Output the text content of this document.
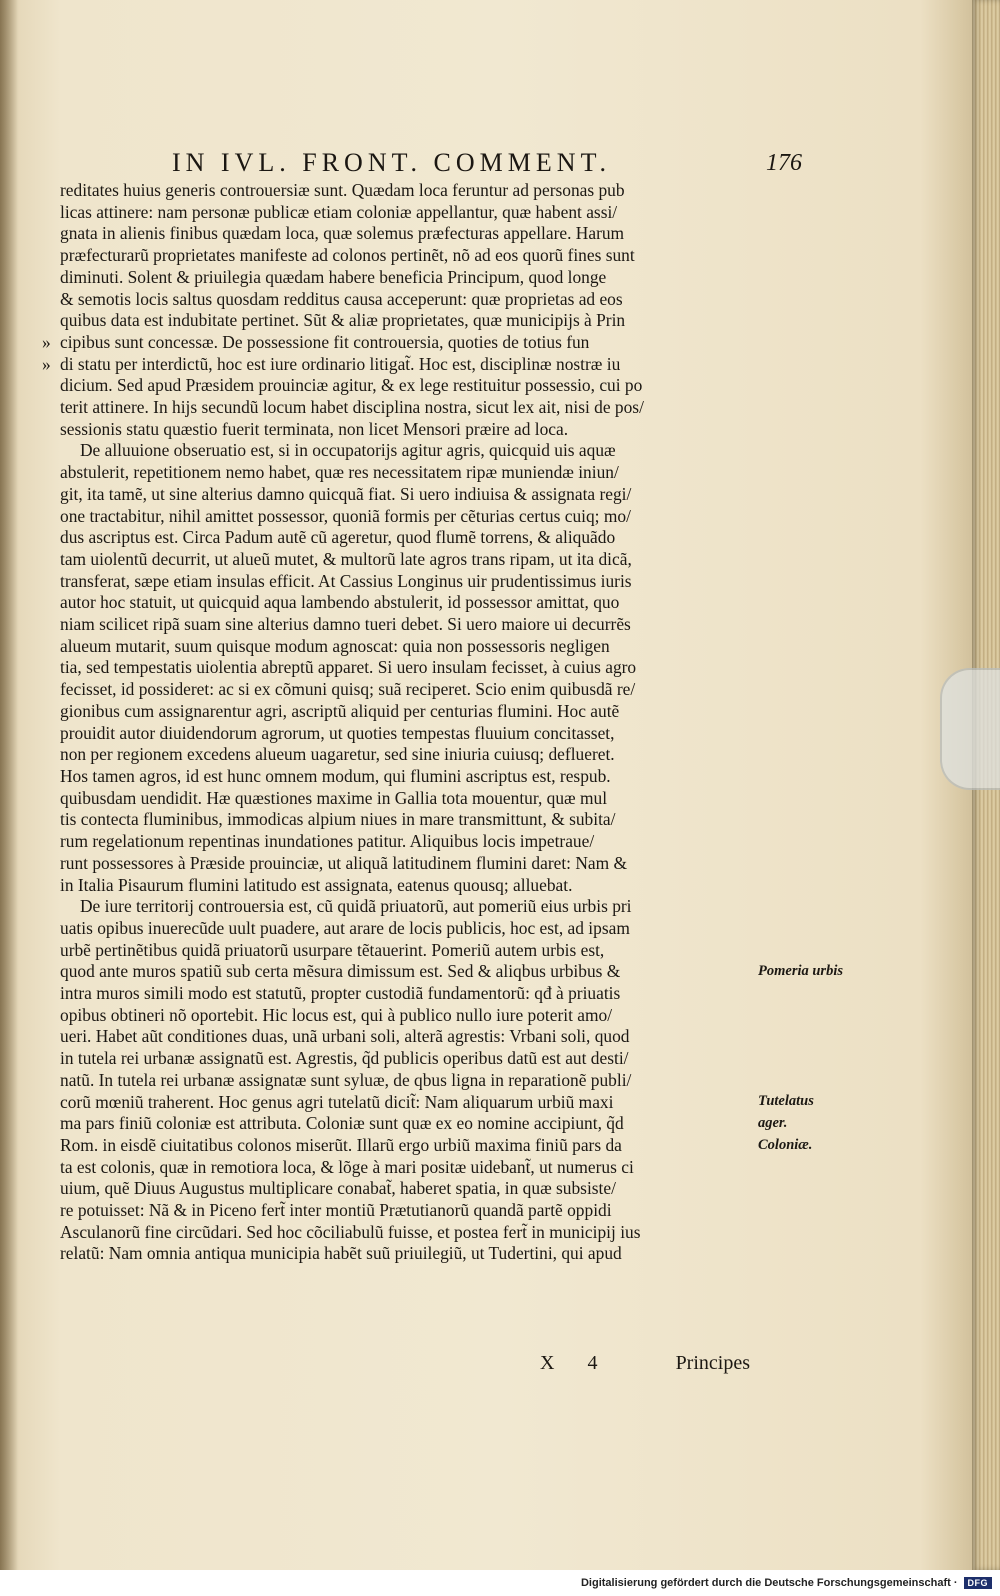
IN IVL. FRONT. COMMENT.	176
reditates huius generis controuersiæ sunt. Quædam loca feruntur ad personas pub
licas attinere: nam personæ publicæ etiam coloniæ appellantur, quæ habent assi/
gnata in alienis finibus quædam loca, quæ solemus præfecturas appellare. Harum
præfecturarũ proprietates manifeste ad colonos pertinẽt, nõ ad eos quorũ fines sunt
diminuti. Solent & priuilegia quædam habere beneficia Principum, quod longe
& semotis locis saltus quosdam redditus causa acceperunt: quæ proprietas ad eos
quibus data est indubitate pertinet. Sũt & aliæ proprietates, quæ municipijs à Prin
» cipibus sunt concessæ. De possessione fit controuersia, quoties de totius fun
» di statu per interdictũ, hoc est iure ordinario litigat̃. Hoc est, disciplinæ nostræ iu
dicium. Sed apud Præsidem prouinciæ agitur, & ex lege restituitur possessio, cui po
terit attinere. In hijs secundũ locum habet disciplina nostra, sicut lex ait, nisi de pos/
sessionis statu quæstio fuerit terminata, non licet Mensori præire ad loca.
De alluuione obseruatio est, si in occupatorijs agitur agris, quicquid uis aquæ
abstulerit, repetitionem nemo habet, quæ res necessitatem ripæ muniendæ iniun/
git, ita tamẽ, ut sine alterius damno quicquã fiat. Si uero indiuisa & assignata regi/
one tractabitur, nihil amittet possessor, quoniã formis per cẽturias certus cuiq; mo/
dus ascriptus est. Circa Padum autẽ cũ ageretur, quod flumẽ torrens, & aliquãdo
tam uiolentũ decurrit, ut alueũ mutet, & multorũ late agros trans ripam, ut ita dicã,
transferat, sæpe etiam insulas efficit. At Cassius Longinus uir prudentissimus iuris
autor hoc statuit, ut quicquid aqua lambendo abstulerit, id possessor amittat, quo
niam scilicet ripã suam sine alterius damno tueri debet. Si uero maiore ui decurrẽs
alueum mutarit, suum quisque modum agnoscat: quia non possessoris negligen
tia, sed tempestatis uiolentia abreptũ apparet. Si uero insulam fecisset, à cuius agro
fecisset, id possideret: ac si ex cõmuni quisq; suã reciperet. Scio enim quibusdã re/
gionibus cum assignarentur agri, ascriptũ aliquid per centurias flumini. Hoc autẽ
prouidit autor diuidendorum agrorum, ut quoties tempestas fluuium concitasset,
non per regionem excedens alueum uagaretur, sed sine iniuria cuiusq; deflueret.
Hos tamen agros, id est hunc omnem modum, qui flumini ascriptus est, respub.
quibusdam uendidit. Hæ quæstiones maxime in Gallia tota mouentur, quæ mul
tis contecta fluminibus, immodicas alpium niues in mare transmittunt, & subita/
rum regelationum repentinas inundationes patitur. Aliquibus locis impetraue/
runt possessores à Præside prouinciæ, ut aliquã latitudinem flumini daret: Nam &
in Italia Pisaurum flumini latitudo est assignata, eatenus quousq; alluebat.
De iure territorij controuersia est, cũ quidã priuatorũ, aut pomeriũ eius urbis pri
uatis opibus inuerecũde uult puadere, aut arare de locis publicis, hoc est, ad ipsam
urbẽ pertinẽtibus quidã priuatorũ usurpare tẽtauerint. Pomeriũ autem urbis est,
quod ante muros spatiũ sub certa mẽsura dimissum est. Sed & aliqbus urbibus &
intra muros simili modo est statutũ, propter custodiã fundamentorũ: qđ à priuatis
opibus obtineri nõ oportebit. Hic locus est, qui à publico nullo iure poterit amo/
ueri. Habet aũt conditiones duas, unã urbani soli, alterã agrestis: Vrbani soli, quod
in tutela rei urbanæ assignatũ est. Agrestis, q̃d publicis operibus datũ est aut desti/
natũ. In tutela rei urbanæ assignatæ sunt syluæ, de qbus ligna in reparationẽ publi/
corũ mœniũ traherent. Hoc genus agri tutelatũ dicit̃: Nam aliquarum urbiũ maxi
ma pars finiũ coloniæ est attributa. Coloniæ sunt quæ ex eo nomine accipiunt, q̃d
Rom. in eisdẽ ciuitatibus colonos miserũt. Illarũ ergo urbiũ maxima finiũ pars da
ta est colonis, quæ in remotiora loca, & lõge à mari positæ uidebant̃, ut numerus ci
uium, quẽ Diuus Augustus multiplicare conabat̃, haberet spatia, in quæ subsiste/
re potuisset: Nã & in Piceno fert̃ inter montiũ Prætutianorũ quandã partẽ oppidi
Asculanorũ fine circũdari. Sed hoc cõciliabulũ fuisse, et postea fert̃ in municipij ius
relatũ: Nam omnia antiqua municipia habẽt suũ priuilegiũ, ut Tudertini, qui apud
Pomeria urbis
Tutelatus
ager.
Coloniæ.
X 4	Principes
Digitalisierung gefördert durch die Deutsche Forschungsgemeinschaft ·	DFG
